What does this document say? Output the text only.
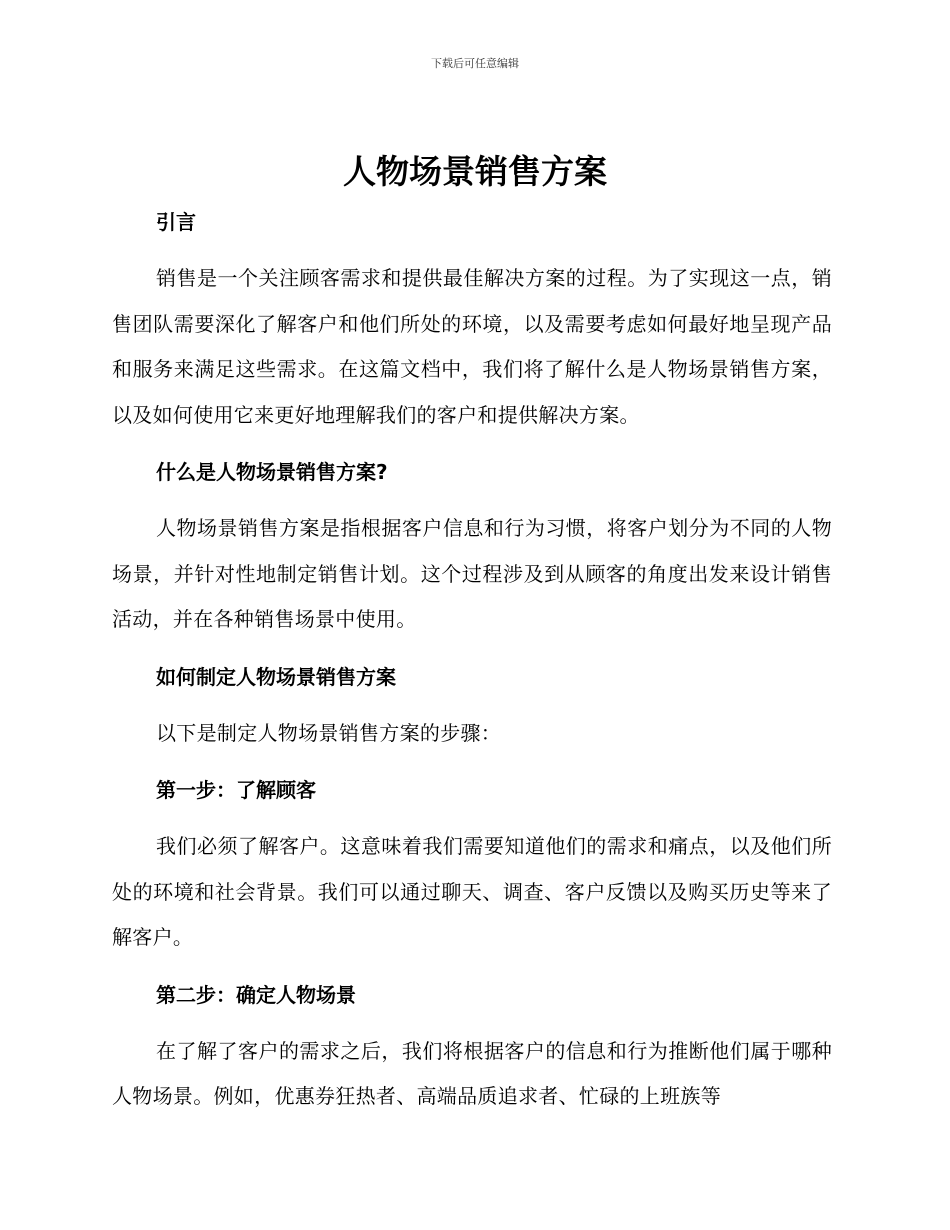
下载后可任意编辑
人物场景销售方案

引言

销售是一个关注顾客需求和提供最佳解决方案的过程。为了实现这一点，销售团队需要深化了解客户和他们所处的环境，以及需要考虑如何最好地呈现产品和服务来满足这些需求。在这篇文档中，我们将了解什么是人物场景销售方案，以及如何使用它来更好地理解我们的客户和提供解决方案。

什么是人物场景销售方案?

人物场景销售方案是指根据客户信息和行为习惯，将客户划分为不同的人物场景，并针对性地制定销售计划。这个过程涉及到从顾客的角度出发来设计销售活动，并在各种销售场景中使用。

如何制定人物场景销售方案

以下是制定人物场景销售方案的步骤：

第一步：了解顾客

我们必须了解客户。这意味着我们需要知道他们的需求和痛点，以及他们所处的环境和社会背景。我们可以通过聊天、调查、客户反馈以及购买历史等来了解客户。

第二步：确定人物场景

在了解了客户的需求之后，我们将根据客户的信息和行为推断他们属于哪种人物场景。例如，优惠券狂热者、高端品质追求者、忙碌的上班族等
